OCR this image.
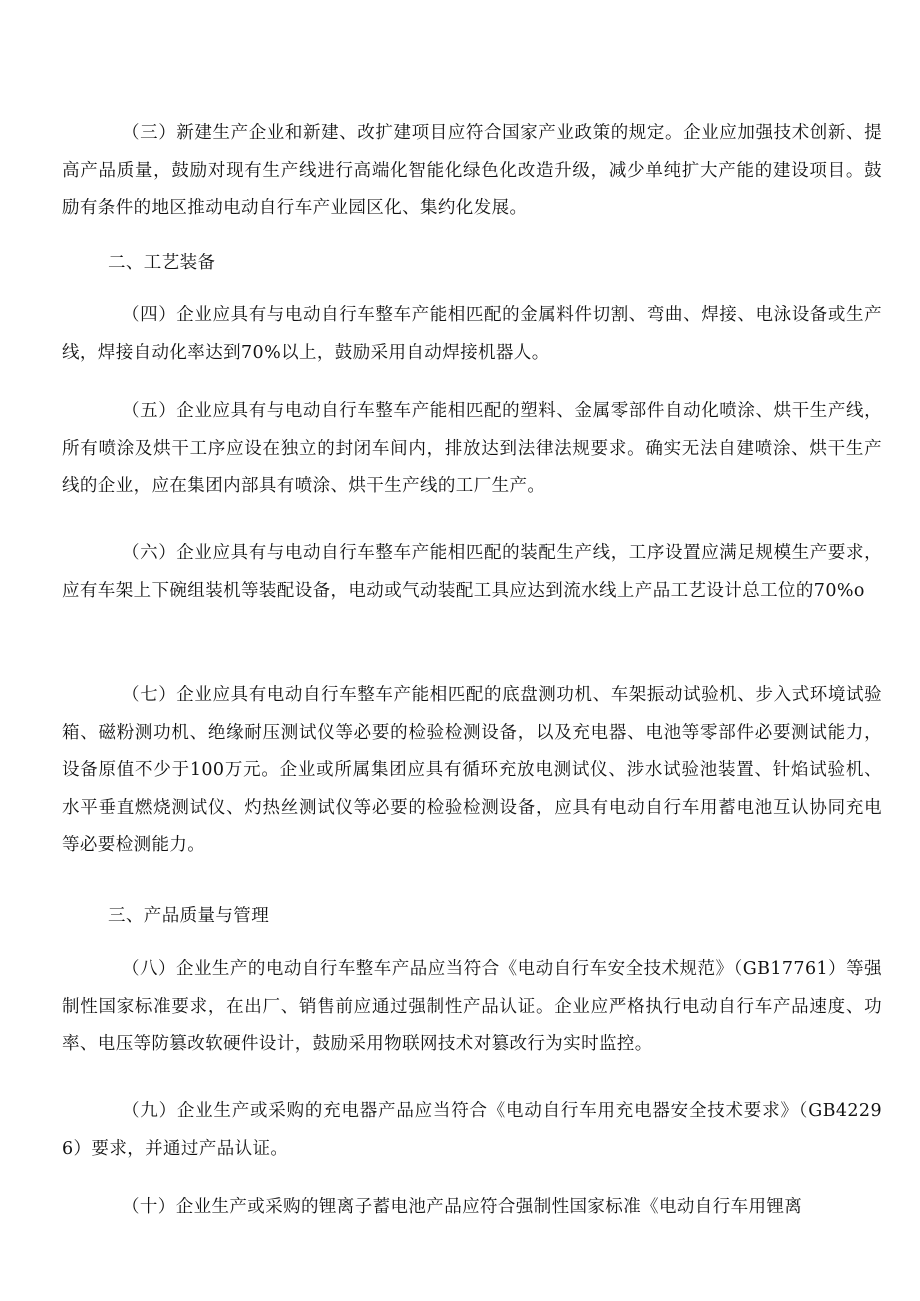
（三）新建生产企业和新建、改扩建项目应符合国家产业政策的规定。企业应加强技术创新、提高产品质量，鼓励对现有生产线进行高端化智能化绿色化改造升级，减少单纯扩大产能的建设项目。鼓励有条件的地区推动电动自行车产业园区化、集约化发展。

二、工艺装备

（四）企业应具有与电动自行车整车产能相匹配的金属料件切割、弯曲、焊接、电泳设备或生产线，焊接自动化率达到70%以上，鼓励采用自动焊接机器人。

（五）企业应具有与电动自行车整车产能相匹配的塑料、金属零部件自动化喷涂、烘干生产线，所有喷涂及烘干工序应设在独立的封闭车间内，排放达到法律法规要求。确实无法自建喷涂、烘干生产线的企业，应在集团内部具有喷涂、烘干生产线的工厂生产。

（六）企业应具有与电动自行车整车产能相匹配的装配生产线，工序设置应满足规模生产要求，应有车架上下碗组装机等装配设备，电动或气动装配工具应达到流水线上产品工艺设计总工位的70%o

（七）企业应具有电动自行车整车产能相匹配的底盘测功机、车架振动试验机、步入式环境试验箱、磁粉测功机、绝缘耐压测试仪等必要的检验检测设备，以及充电器、电池等零部件必要测试能力，设备原值不少于100万元。企业或所属集团应具有循环充放电测试仪、涉水试验池装置、针焰试验机、水平垂直燃烧测试仪、灼热丝测试仪等必要的检验检测设备，应具有电动自行车用蓄电池互认协同充电等必要检测能力。

三、产品质量与管理

（八）企业生产的电动自行车整车产品应当符合《电动自行车安全技术规范》（GB17761）等强制性国家标准要求，在出厂、销售前应通过强制性产品认证。企业应严格执行电动自行车产品速度、功率、电压等防篡改软硬件设计，鼓励采用物联网技术对篡改行为实时监控。

（九）企业生产或采购的充电器产品应当符合《电动自行车用充电器安全技术要求》（GB42296）要求，并通过产品认证。

（十）企业生产或采购的锂离子蓄电池产品应符合强制性国家标准《电动自行车用锂离
